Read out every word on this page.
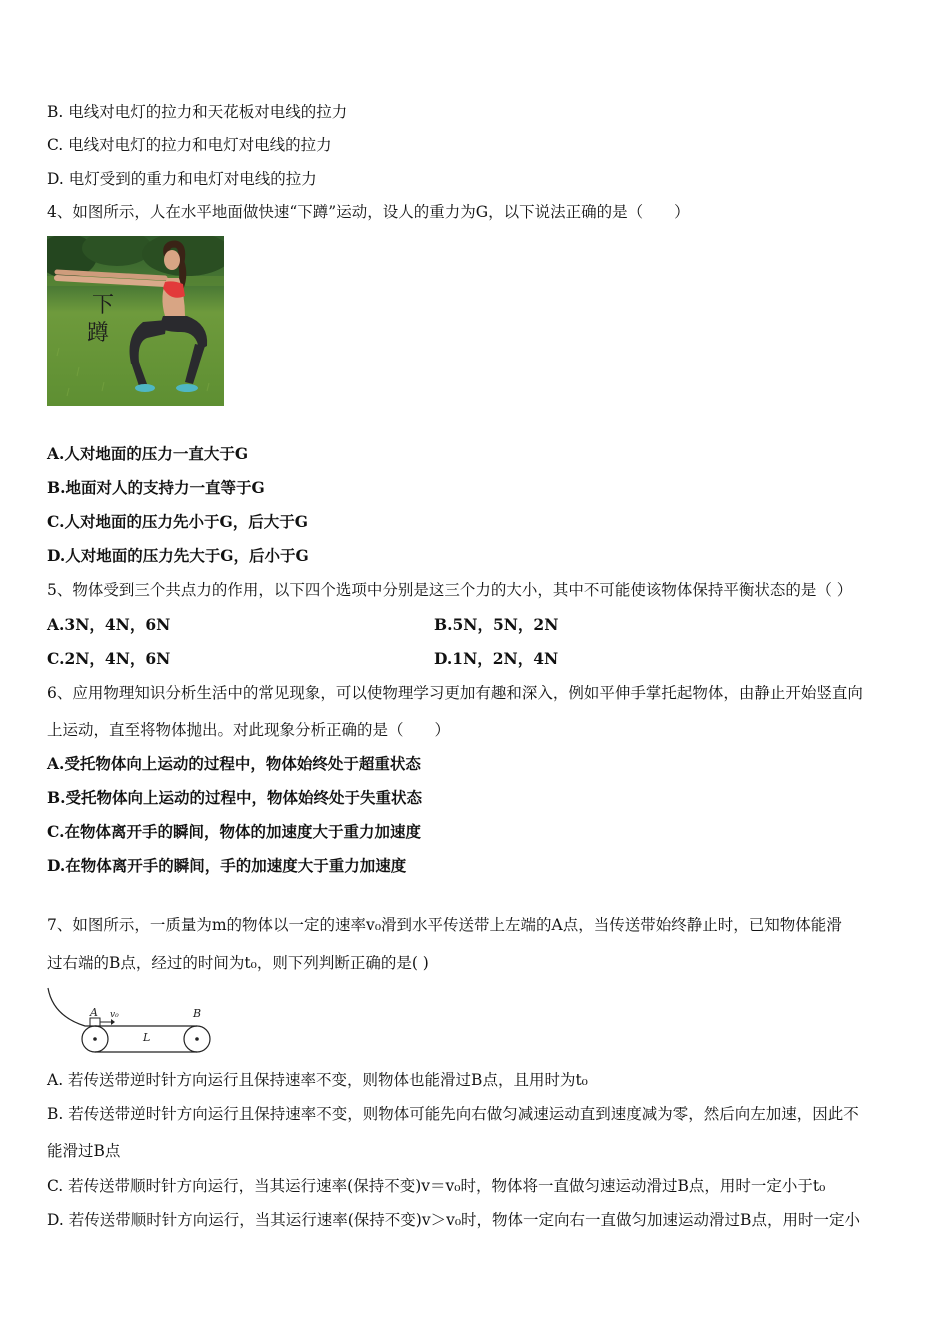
B. 电线对电灯的拉力和天花板对电线的拉力
C. 电线对电灯的拉力和电灯对电线的拉力
D. 电灯受到的重力和电灯对电线的拉力
4、如图所示，人在水平地面做快速“下蹲”运动，设人的重力为G，以下说法正确的是（　　）
下
蹲
A.人对地面的压力一直大于G
B.地面对人的支持力一直等于G
C.人对地面的压力先小于G，后大于G
D.人对地面的压力先大于G，后小于G
5、物体受到三个共点力的作用，以下四个选项中分别是这三个力的大小，其中不可能使该物体保持平衡状态的是（ ）
A.3N，4N，6N	B.5N，5N，2N
C.2N，4N，6N	D.1N，2N，4N
6、应用物理知识分析生活中的常见现象，可以使物理学习更加有趣和深入，例如平伸手掌托起物体，由静止开始竖直向
上运动，直至将物体抛出。对此现象分析正确的是（　　）
A.受托物体向上运动的过程中，物体始终处于超重状态
B.受托物体向上运动的过程中，物体始终处于失重状态
C.在物体离开手的瞬间，物体的加速度大于重力加速度
D.在物体离开手的瞬间，手的加速度大于重力加速度
7、如图所示，一质量为m的物体以一定的速率v₀滑到水平传送带上左端的A点，当传送带始终静止时，已知物体能滑
过右端的B点，经过的时间为t₀，则下列判断正确的是( )
A v₀	B
L
A. 若传送带逆时针方向运行且保持速率不变，则物体也能滑过B点，且用时为t₀
B. 若传送带逆时针方向运行且保持速率不变，则物体可能先向右做匀减速运动直到速度减为零，然后向左加速，因此不
能滑过B点
C. 若传送带顺时针方向运行，当其运行速率(保持不变)v＝v₀时，物体将一直做匀速运动滑过B点，用时一定小于t₀
D. 若传送带顺时针方向运行，当其运行速率(保持不变)v＞v₀时，物体一定向右一直做匀加速运动滑过B点，用时一定小
